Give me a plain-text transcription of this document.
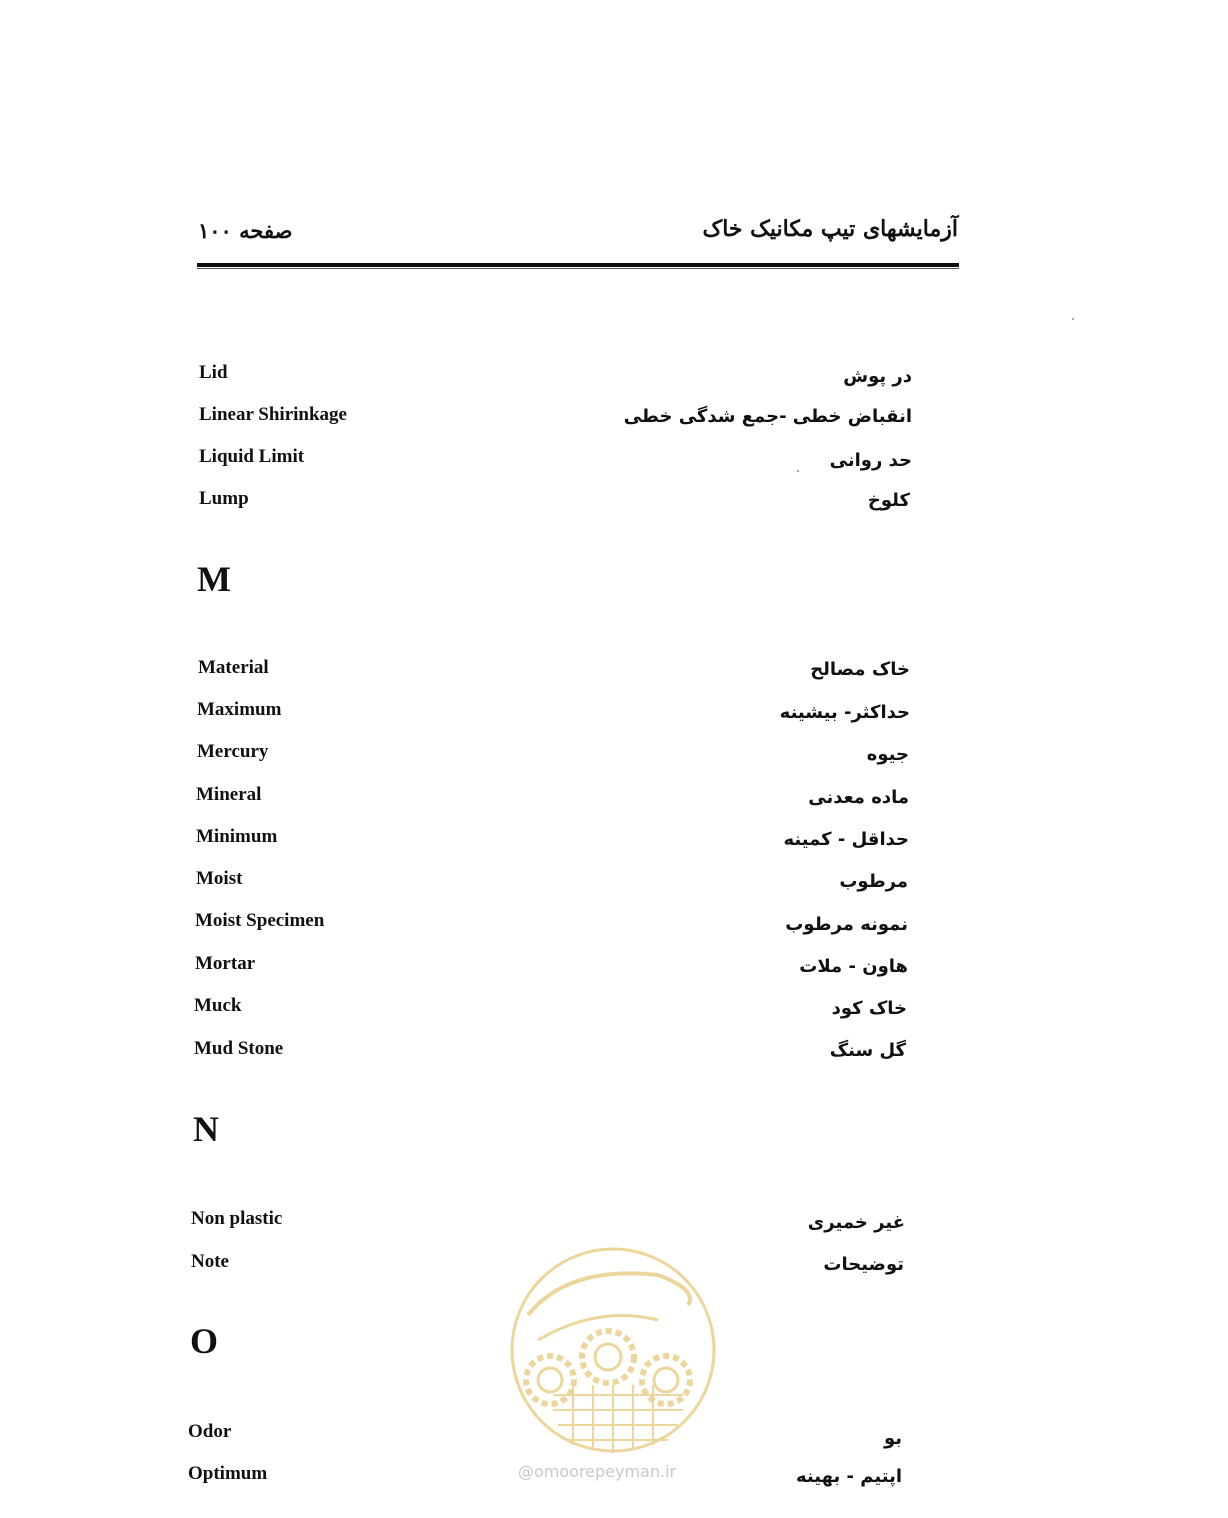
صفحه ۱۰۰	آزمایشهای تیپ مکانیک خاک
Lid	در پوش
Linear Shirinkage	انقباض خطی -جمع شدگی خطی
Liquid Limit	حد روانی
Lump	کلوخ
M
Material	خاک مصالح
Maximum	حداکثر- بیشینه
Mercury	جیوه
Mineral	ماده معدنی
Minimum	حداقل - کمینه
Moist	مرطوب
Moist Specimen	نمونه مرطوب
Mortar	هاون - ملات
Muck	خاک کود
Mud Stone	گل سنگ
N
Non plastic	غیر خمیری
Note	توضیحات
O
Odor	بو
Optimum	اپتیم - بهینه
@omoorepeyman.ir
